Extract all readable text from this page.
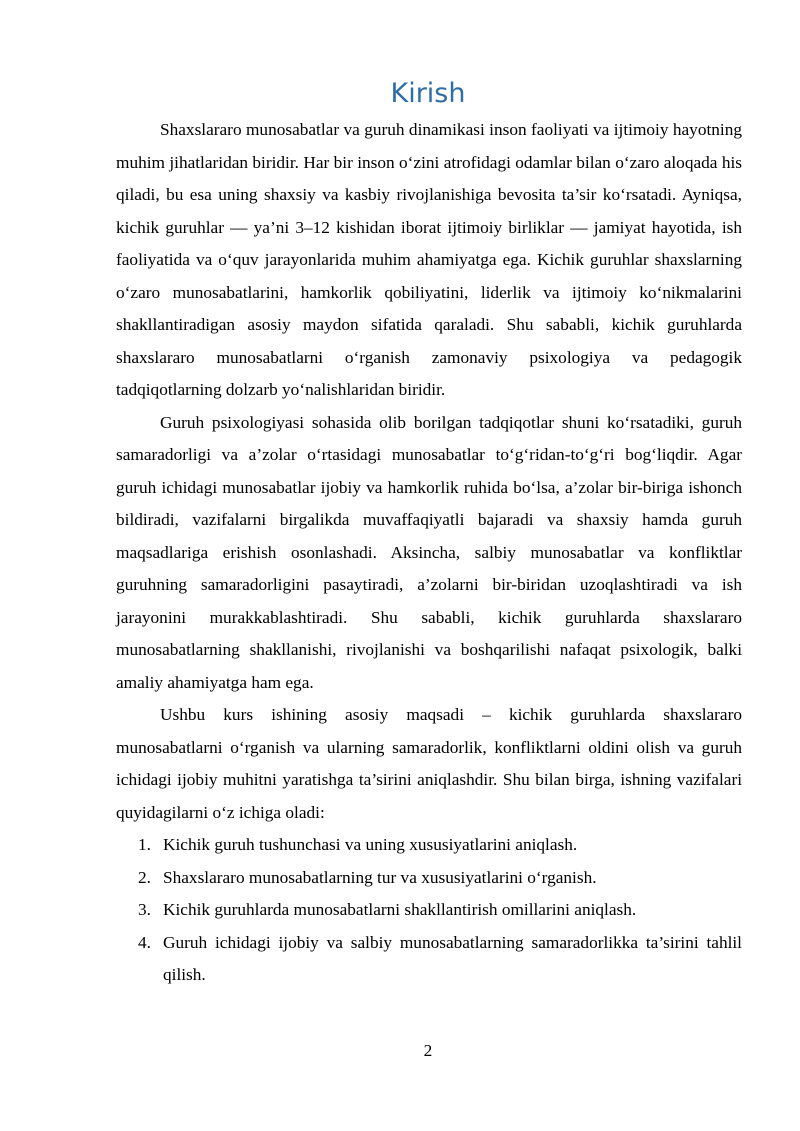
Kirish

Shaxslararo munosabatlar va guruh dinamikasi inson faoliyati va ijtimoiy hayotning muhim jihatlaridan biridir. Har bir inson o‘zini atrofidagi odamlar bilan o‘zaro aloqada his qiladi, bu esa uning shaxsiy va kasbiy rivojlanishiga bevosita ta’sir ko‘rsatadi. Ayniqsa, kichik guruhlar — ya’ni 3–12 kishidan iborat ijtimoiy birliklar — jamiyat hayotida, ish faoliyatida va o‘quv jarayonlarida muhim ahamiyatga ega. Kichik guruhlar shaxslarning o‘zaro munosabatlarini, hamkorlik qobiliyatini, liderlik va ijtimoiy ko‘nikmalarini shakllantiradigan asosiy maydon sifatida qaraladi. Shu sababli, kichik guruhlarda shaxslararo munosabatlarni o‘rganish zamonaviy psixologiya va pedagogik tadqiqotlarning dolzarb yo‘nalishlaridan biridir.

Guruh psixologiyasi sohasida olib borilgan tadqiqotlar shuni ko‘rsatadiki, guruh samaradorligi va a’zolar o‘rtasidagi munosabatlar to‘g‘ridan-to‘g‘ri bog‘liqdir. Agar guruh ichidagi munosabatlar ijobiy va hamkorlik ruhida bo‘lsa, a’zolar bir-biriga ishonch bildiradi, vazifalarni birgalikda muvaffaqiyatli bajaradi va shaxsiy hamda guruh maqsadlariga erishish osonlashadi. Aksincha, salbiy munosabatlar va konfliktlar guruhning samaradorligini pasaytiradi, a’zolarni bir-biridan uzoqlashtiradi va ish jarayonini murakkablashtiradi. Shu sababli, kichik guruhlarda shaxslararo munosabatlarning shakllanishi, rivojlanishi va boshqarilishi nafaqat psixologik, balki amaliy ahamiyatga ham ega.

Ushbu kurs ishining asosiy maqsadi – kichik guruhlarda shaxslararo munosabatlarni o‘rganish va ularning samaradorlik, konfliktlarni oldini olish va guruh ichidagi ijobiy muhitni yaratishga ta’sirini aniqlashdir. Shu bilan birga, ishning vazifalari quyidagilarni o‘z ichiga oladi:

1. Kichik guruh tushunchasi va uning xususiyatlarini aniqlash.
2. Shaxslararo munosabatlarning tur va xususiyatlarini o‘rganish.
3. Kichik guruhlarda munosabatlarni shakllantirish omillarini aniqlash.
4. Guruh ichidagi ijobiy va salbiy munosabatlarning samaradorlikka ta’sirini tahlil qilish.
2
